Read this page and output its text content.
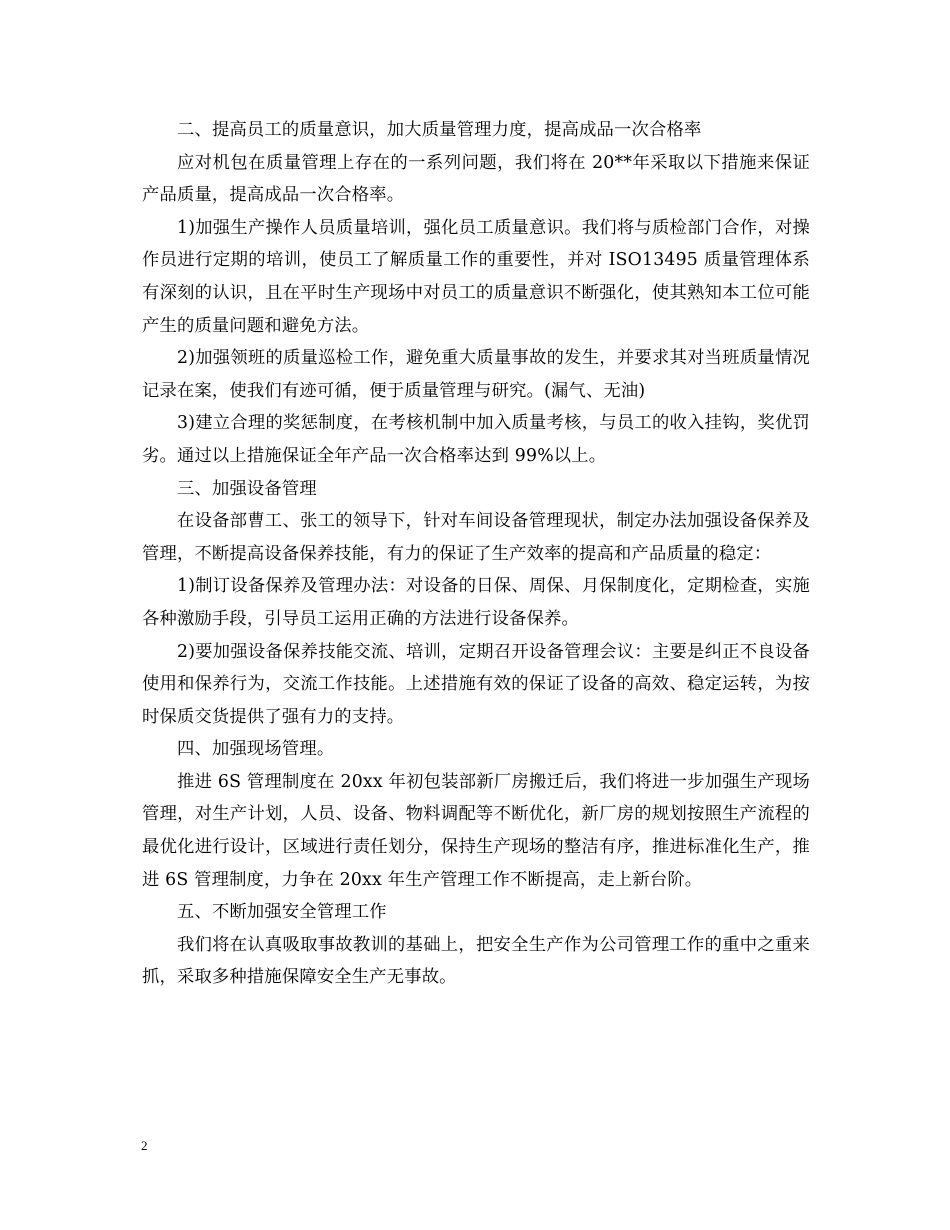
二、提高员工的质量意识，加大质量管理力度，提高成品一次合格率

应对机包在质量管理上存在的一系列问题，我们将在 20**年采取以下措施来保证产品质量，提高成品一次合格率。

1)加强生产操作人员质量培训，强化员工质量意识。我们将与质检部门合作，对操作员进行定期的培训，使员工了解质量工作的重要性，并对 ISO13495 质量管理体系有深刻的认识，且在平时生产现场中对员工的质量意识不断强化，使其熟知本工位可能产生的质量问题和避免方法。

2)加强领班的质量巡检工作，避免重大质量事故的发生，并要求其对当班质量情况记录在案，使我们有迹可循，便于质量管理与研究。(漏气、无油)

3)建立合理的奖惩制度，在考核机制中加入质量考核，与员工的收入挂钩，奖优罚劣。通过以上措施保证全年产品一次合格率达到 99%以上。

三、加强设备管理

在设备部曹工、张工的领导下，针对车间设备管理现状，制定办法加强设备保养及管理，不断提高设备保养技能，有力的保证了生产效率的提高和产品质量的稳定：

1)制订设备保养及管理办法：对设备的日保、周保、月保制度化，定期检查，实施各种激励手段，引导员工运用正确的方法进行设备保养。

2)要加强设备保养技能交流、培训，定期召开设备管理会议：主要是纠正不良设备使用和保养行为，交流工作技能。上述措施有效的保证了设备的高效、稳定运转，为按时保质交货提供了强有力的支持。

四、加强现场管理。

推进 6S 管理制度在 20xx 年初包装部新厂房搬迁后，我们将进一步加强生产现场管理，对生产计划，人员、设备、物料调配等不断优化，新厂房的规划按照生产流程的最优化进行设计，区域进行责任划分，保持生产现场的整洁有序，推进标准化生产，推进 6S 管理制度，力争在 20xx 年生产管理工作不断提高，走上新台阶。

五、不断加强安全管理工作

我们将在认真吸取事故教训的基础上，把安全生产作为公司管理工作的重中之重来抓，采取多种措施保障安全生产无事故。

2
